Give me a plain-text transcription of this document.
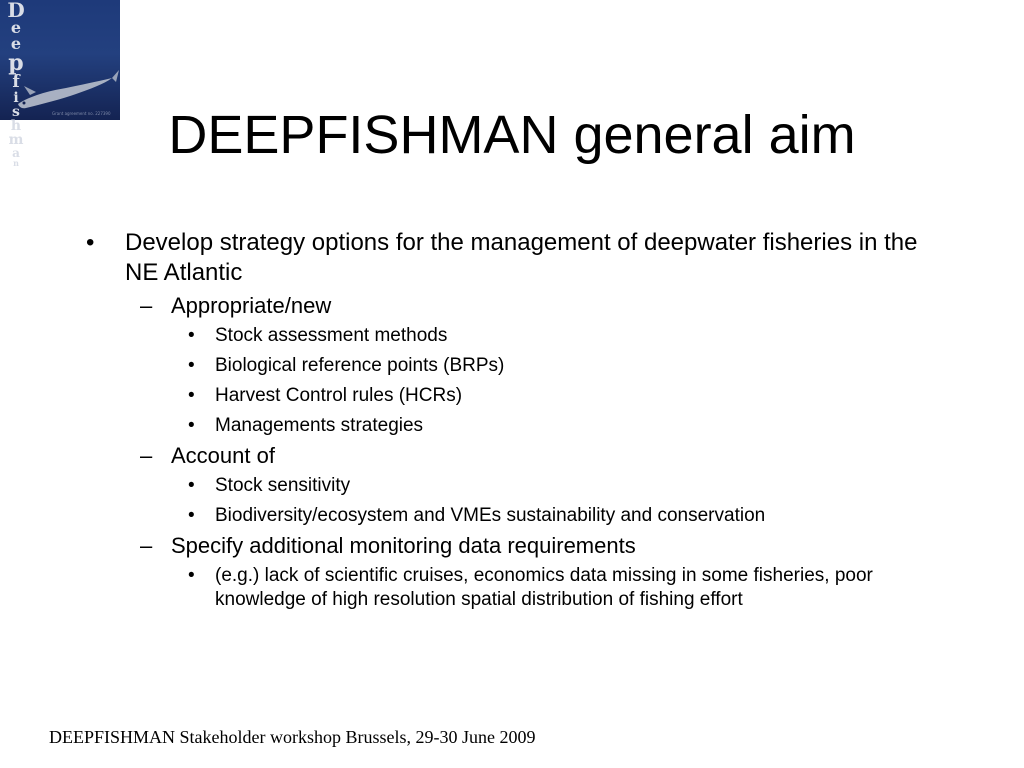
D
e
e
p
f
i
s
h
m
a
n
Grant agreement no. 227390	DEEPFISHMAN general aim
• Develop strategy options for the management of deepwater fisheries in the NE Atlantic
– Appropriate/new
• Stock assessment methods
• Biological reference points (BRPs)
• Harvest Control rules (HCRs)
• Managements strategies
– Account of
• Stock sensitivity
• Biodiversity/ecosystem and VMEs sustainability and conservation
– Specify additional monitoring data requirements
• (e.g.) lack of scientific cruises, economics data missing in some fisheries, poor knowledge of high resolution spatial distribution of fishing effort
DEEPFISHMAN Stakeholder workshop Brussels, 29-30 June 2009
